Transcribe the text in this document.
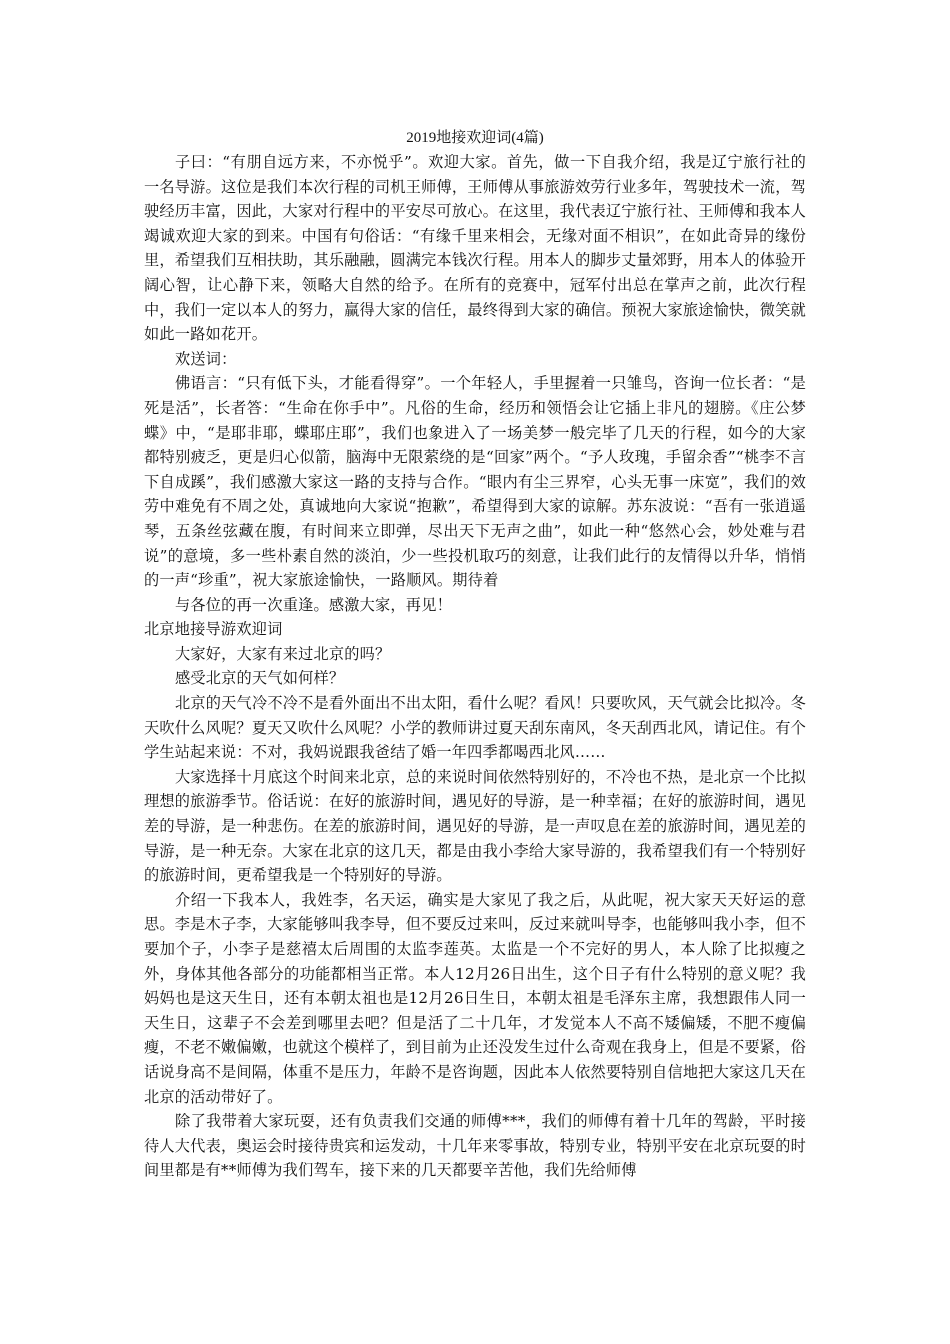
2019地接欢迎词(4篇)

子曰：“有朋自远方来，不亦悦乎”。欢迎大家。首先，做一下自我介绍，我是辽宁旅行社的一名导游。这位是我们本次行程的司机王师傅，王师傅从事旅游效劳行业多年，驾驶技术一流，驾驶经历丰富，因此，大家对行程中的平安尽可放心。在这里，我代表辽宁旅行社、王师傅和我本人竭诚欢迎大家的到来。中国有句俗话：“有缘千里来相会，无缘对面不相识”，在如此奇异的缘份里，希望我们互相扶助，其乐融融，圆满完本钱次行程。用本人的脚步丈量郊野，用本人的体验开阔心智，让心静下来，领略大自然的给予。在所有的竞赛中，冠军付出总在掌声之前，此次行程中，我们一定以本人的努力，赢得大家的信任，最终得到大家的确信。预祝大家旅途愉快，微笑就如此一路如花开。

欢送词：

佛语言：“只有低下头，才能看得穿”。一个年轻人，手里握着一只雏鸟，咨询一位长者：“是死是活”，长者答：“生命在你手中”。凡俗的生命，经历和领悟会让它插上非凡的翅膀。《庄公梦蝶》中，“是耶非耶，蝶耶庄耶”，我们也象进入了一场美梦一般完毕了几天的行程，如今的大家都特别疲乏，更是归心似箭，脑海中无限萦绕的是“回家”两个。“予人玫瑰，手留余香”“桃李不言下自成蹊”，我们感激大家这一路的支持与合作。“眼内有尘三界窄，心头无事一床宽”，我们的效劳中难免有不周之处，真诚地向大家说“抱歉”，希望得到大家的谅解。苏东波说：“吾有一张逍遥琴，五条丝弦藏在腹，有时间来立即弹，尽出天下无声之曲”，如此一种“悠然心会，妙处难与君说”的意境，多一些朴素自然的淡泊，少一些投机取巧的刻意，让我们此行的友情得以升华，悄悄的一声“珍重”，祝大家旅途愉快，一路顺风。期待着

与各位的再一次重逢。感激大家，再见！

北京地接导游欢迎词

大家好，大家有来过北京的吗？

感受北京的天气如何样？

北京的天气冷不冷不是看外面出不出太阳，看什么呢？看风！只要吹风，天气就会比拟冷。冬天吹什么风呢？夏天又吹什么风呢？小学的教师讲过夏天刮东南风，冬天刮西北风，请记住。有个学生站起来说：不对，我妈说跟我爸结了婚一年四季都喝西北风……

大家选择十月底这个时间来北京，总的来说时间依然特别好的，不冷也不热，是北京一个比拟理想的旅游季节。俗话说：在好的旅游时间，遇见好的导游，是一种幸福；在好的旅游时间，遇见差的导游，是一种悲伤。在差的旅游时间，遇见好的导游，是一声叹息在差的旅游时间，遇见差的导游，是一种无奈。大家在北京的这几天，都是由我小李给大家导游的，我希望我们有一个特别好的旅游时间，更希望我是一个特别好的导游。

介绍一下我本人，我姓李，名天运，确实是大家见了我之后，从此呢，祝大家天天好运的意思。李是木子李，大家能够叫我李导，但不要反过来叫，反过来就叫导李，也能够叫我小李，但不要加个子，小李子是慈禧太后周围的太监李莲英。太监是一个不完好的男人，本人除了比拟瘦之外，身体其他各部分的功能都相当正常。本人12月26日出生，这个日子有什么特别的意义呢？我妈妈也是这天生日，还有本朝太祖也是12月26日生日，本朝太祖是毛泽东主席，我想跟伟人同一天生日，这辈子不会差到哪里去吧？但是活了二十几年，才发觉本人不高不矮偏矮，不肥不瘦偏瘦，不老不嫩偏嫩，也就这个模样了，到目前为止还没发生过什么奇观在我身上，但是不要紧，俗话说身高不是间隔，体重不是压力，年龄不是咨询题，因此本人依然要特别自信地把大家这几天在北京的活动带好了。

除了我带着大家玩耍，还有负责我们交通的师傅***，我们的师傅有着十几年的驾龄，平时接待人大代表，奥运会时接待贵宾和运发动，十几年来零事故，特别专业，特别平安在北京玩耍的时间里都是有**师傅为我们驾车，接下来的几天都要辛苦他，我们先给师傅
